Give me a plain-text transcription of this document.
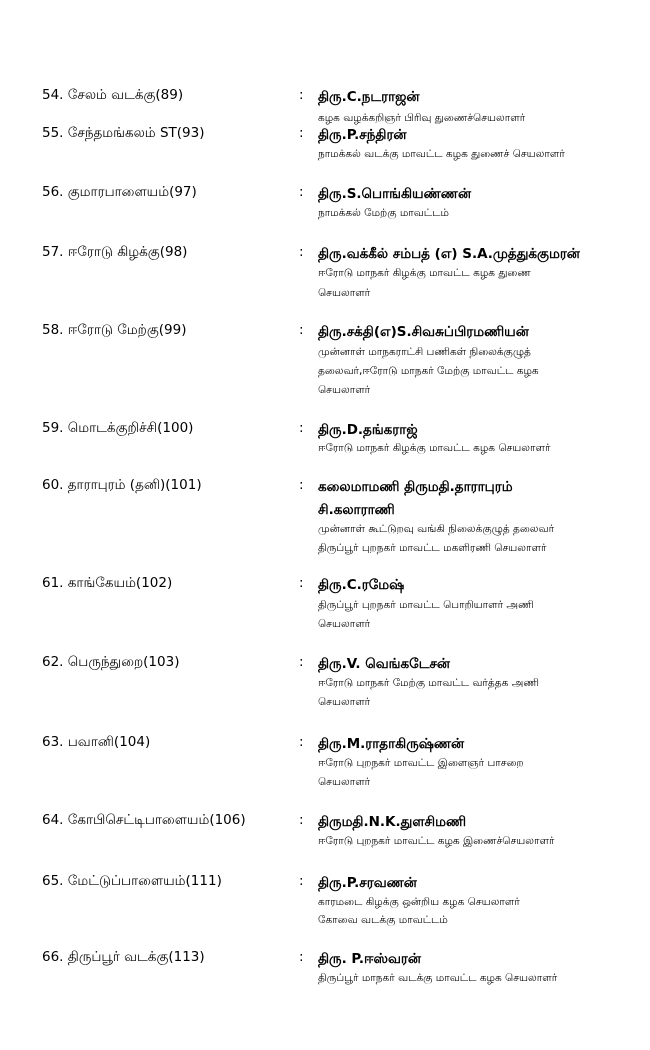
54. சேலம் வடக்கு(89)	: திரு.C.நடராஜன்
கழக வழக்கறிஞர் பிரிவு துணைச்செயலாளர்
55. சேந்தமங்கலம் ST(93)	: திரு.P.சந்திரன்
நாமக்கல் வடக்கு மாவட்ட கழக துணைச் செயலாளர்
56. குமாரபாளையம்(97)	: திரு.S.பொங்கியண்ணன்
நாமக்கல் மேற்கு மாவட்டம்
57. ஈரோடு கிழக்கு(98)	: திரு.வக்கீல் சம்பத் (எ) S.A.முத்துக்குமரன்
ஈரோடு மாநகர் கிழக்கு மாவட்ட கழக துணை
செயலாளர்
58. ஈரோடு மேற்கு(99)	: திரு.சக்தி(எ)S.சிவசுப்பிரமணியன்
முன்னாள் மாநகராட்சி பணிகள் நிலைக்குழுத்
தலைவர்,ஈரோடு மாநகர் மேற்கு மாவட்ட கழக
செயலாளர்
59. மொடக்குறிச்சி(100)	: திரு.D.தங்கராஜ்
ஈரோடு மாநகர் கிழக்கு மாவட்ட கழக செயலாளர்
60. தாராபுரம் (தனி)(101)	: கலைமாமணி திருமதி.தாராபுரம் சி.கலாராணி
முன்னாள் கூட்டுறவு வங்கி நிலைக்குழுத் தலைவர்
திருப்பூர் புறநகர் மாவட்ட மகளிரணி செயலாளர்
61. காங்கேயம்(102)	: திரு.C.ரமேஷ்
திருப்பூர் புறநகர் மாவட்ட பொறியாளர் அணி
செயலாளர்
62. பெருந்துறை(103)	: திரு.V. வெங்கடேசன்
ஈரோடு மாநகர் மேற்கு மாவட்ட வர்த்தக அணி
செயலாளர்
63. பவானி(104)	: திரு.M.ராதாகிருஷ்ணன்
ஈரோடு புறநகர் மாவட்ட இளைஞர் பாசறை
செயலாளர்
64. கோபிசெட்டிபாளையம்(106)	: திருமதி.N.K.துளசிமணி
ஈரோடு புறநகர் மாவட்ட கழக இணைச்செயலாளர்
65. மேட்டுப்பாளையம்(111)	: திரு.P.சரவணன்
காரமடை கிழக்கு ஒன்றிய கழக செயலாளர்
கோவை வடக்கு மாவட்டம்
66. திருப்பூர் வடக்கு(113)	: திரு. P.ஈஸ்வரன்
திருப்பூர் மாநகர் வடக்கு மாவட்ட கழக செயலாளர்
